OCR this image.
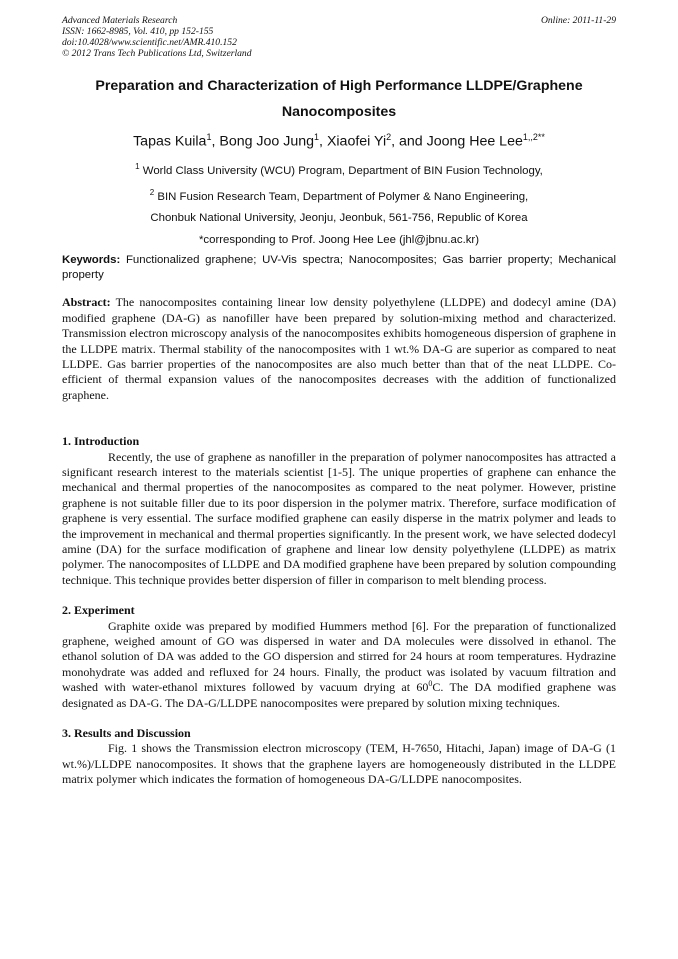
Advanced Materials Research
ISSN: 1662-8985, Vol. 410, pp 152-155
doi:10.4028/www.scientific.net/AMR.410.152
© 2012 Trans Tech Publications Ltd, Switzerland
Online: 2011-11-29
Preparation and Characterization of High Performance LLDPE/Graphene Nanocomposites
Tapas Kuila$^1$, Bong Joo Jung$^1$, Xiaofei Yi$^2$, and Joong Hee Lee$^{1,,2**}$
$^1$ World Class University (WCU) Program, Department of BIN Fusion Technology,
$^2$ BIN Fusion Research Team, Department of Polymer & Nano Engineering,
Chonbuk National University, Jeonju, Jeonbuk, 561-756, Republic of Korea
*corresponding to Prof. Joong Hee Lee (jhl@jbnu.ac.kr)
Keywords: Functionalized graphene; UV-Vis spectra; Nanocomposites; Gas barrier property; Mechanical property
Abstract: The nanocomposites containing linear low density polyethylene (LLDPE) and dodecyl amine (DA) modified graphene (DA-G) as nanofiller have been prepared by solution-mixing method and characterized. Transmission electron microscopy analysis of the nanocomposites exhibits homogeneous dispersion of graphene in the LLDPE matrix. Thermal stability of the nanocomposites with 1 wt.% DA-G are superior as compared to neat LLDPE. Gas barrier properties of the nanocomposites are also much better than that of the neat LLDPE. Co-efficient of thermal expansion values of the nanocomposites decreases with the addition of functionalized graphene.

1. Introduction

Recently, the use of graphene as nanofiller in the preparation of polymer nanocomposites has attracted a significant research interest to the materials scientist [1-5]. The unique properties of graphene can enhance the mechanical and thermal properties of the nanocomposites as compared to the neat polymer. However, pristine graphene is not suitable filler due to its poor dispersion in the polymer matrix. Therefore, surface modification of graphene is very essential. The surface modified graphene can easily disperse in the matrix polymer and leads to the improvement in mechanical and thermal properties significantly. In the present work, we have selected dodecyl amine (DA) for the surface modification of graphene and linear low density polyethylene (LLDPE) as matrix polymer. The nanocomposites of LLDPE and DA modified graphene have been prepared by solution compounding technique. This technique provides better dispersion of filler in comparison to melt blending process.

2. Experiment

Graphite oxide was prepared by modified Hummers method [6]. For the preparation of functionalized graphene, weighed amount of GO was dispersed in water and DA molecules were dissolved in ethanol. The ethanol solution of DA was added to the GO dispersion and stirred for 24 hours at room temperatures. Hydrazine monohydrate was added and refluxed for 24 hours. Finally, the product was isolated by vacuum filtration and washed with water-ethanol mixtures followed by vacuum drying at $60^0C$. The DA modified graphene was designated as DA-G. The DA-G/LLDPE nanocomposites were prepared by solution mixing techniques.

3. Results and Discussion

Fig. 1 shows the Transmission electron microscopy (TEM, H-7650, Hitachi, Japan) image of DA-G (1 wt.%)/LLDPE nanocomposites. It shows that the graphene layers are homogeneously distributed in the LLDPE matrix polymer which indicates the formation of homogeneous DA-G/LLDPE nanocomposites.
